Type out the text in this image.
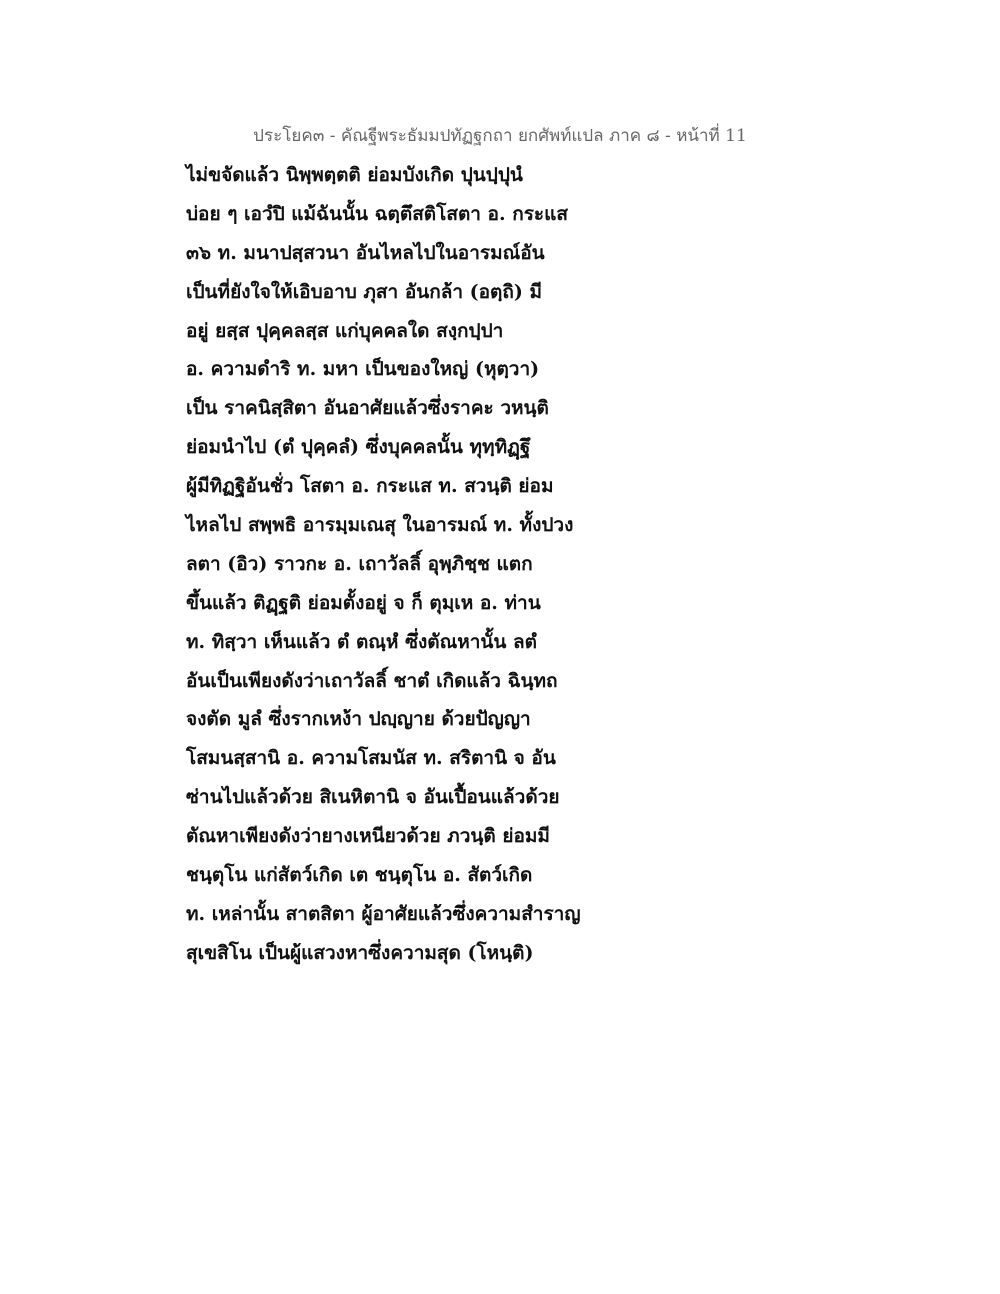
ประโยค๓ - คัณฐีพระธัมมปทัฏฐกถา ยกศัพท์แปล ภาค ๘ - หน้าที่ 11
ไม่ขจัดแล้ว นิพฺพตฺตติ ย่อมบังเกิด ปุนปฺปุนํ
บ่อย ๆ เอวํปิ แม้ฉันนั้น ฉตฺตึสติโสตา อ. กระแส
๓๖ ท. มนาปสฺสวนา อันไหลไปในอารมณ์อัน
เป็นที่ยังใจให้เอิบอาบ ภุสา อันกล้า (อตฺถิ) มี
อยู่ ยสฺส ปุคฺคลสฺส แก่บุคคลใด สงฺกปฺปา
อ. ความดำริ ท. มหา เป็นของใหญ่ (หุตฺวา)
เป็น ราคนิสฺสิตา อันอาศัยแล้วซึ่งราคะ วหนฺติ
ย่อมนำไป (ตํ ปุคฺคลํ) ซึ่งบุคคลนั้น ทุทฺทิฏฺฐึ
ผู้มีทิฏฐิอันชั่ว โสตา อ. กระแส ท. สวนฺติ ย่อม
ไหลไป สพฺพธิ อารมฺมเณสุ ในอารมณ์ ท. ทั้งปวง
ลตา (อิว) ราวกะ อ. เถาวัลลิ์ อุพฺภิชฺช แตก
ขึ้นแล้ว ติฏฺฐติ ย่อมตั้งอยู่ จ ก็ ตุมฺเห อ. ท่าน
ท. ทิสฺวา เห็นแล้ว ตํ ตณฺหํ ซึ่งตัณหานั้น ลตํ
อันเป็นเพียงดังว่าเถาวัลลิ์ ชาตํ เกิดแล้ว ฉินฺทถ
จงตัด มูลํ ซึ่งรากเหง้า ปญฺญาย ด้วยปัญญา
โสมนสฺสานิ อ. ความโสมนัส ท. สริตานิ จ อัน
ซ่านไปแล้วด้วย สิเนหิตานิ จ อันเปื้อนแล้วด้วย
ตัณหาเพียงดังว่ายางเหนียวด้วย ภวนฺติ ย่อมมี
ชนฺตุโน แก่สัตว์เกิด เต ชนฺตุโน อ. สัตว์เกิด
ท. เหล่านั้น สาตสิตา ผู้อาศัยแล้วซึ่งความสำราญ
สุเขสิโน เป็นผู้แสวงหาซึ่งความสุด (โหนฺติ)
